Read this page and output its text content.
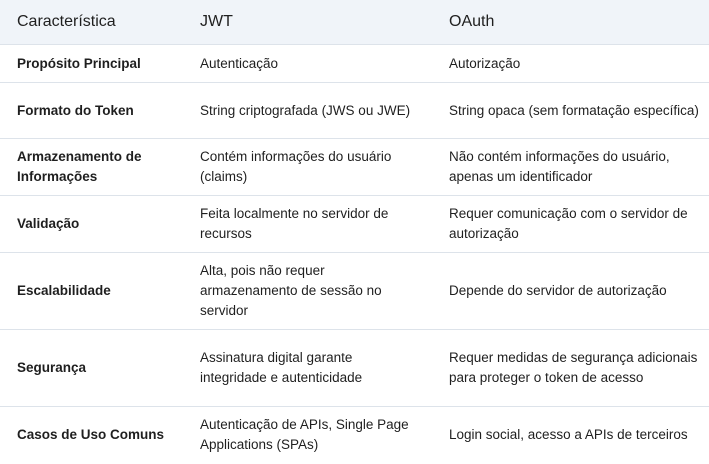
Característica	JWT	OAuth
Propósito Principal	Autenticação	Autorização
Formato do Token	String criptografada (JWS ou JWE)	String opaca (sem formatação específica)
Armazenamento de Informações	Contém informações do usuário (claims)	Não contém informações do usuário, apenas um identificador
Validação	Feita localmente no servidor de recursos	Requer comunicação com o servidor de autorização
Escalabilidade	Alta, pois não requer armazenamento de sessão no servidor	Depende do servidor de autorização
Segurança	Assinatura digital garante integridade e autenticidade	Requer medidas de segurança adicionais para proteger o token de acesso
Casos de Uso Comuns	Autenticação de APIs, Single Page Applications (SPAs)	Login social, acesso a APIs de terceiros
